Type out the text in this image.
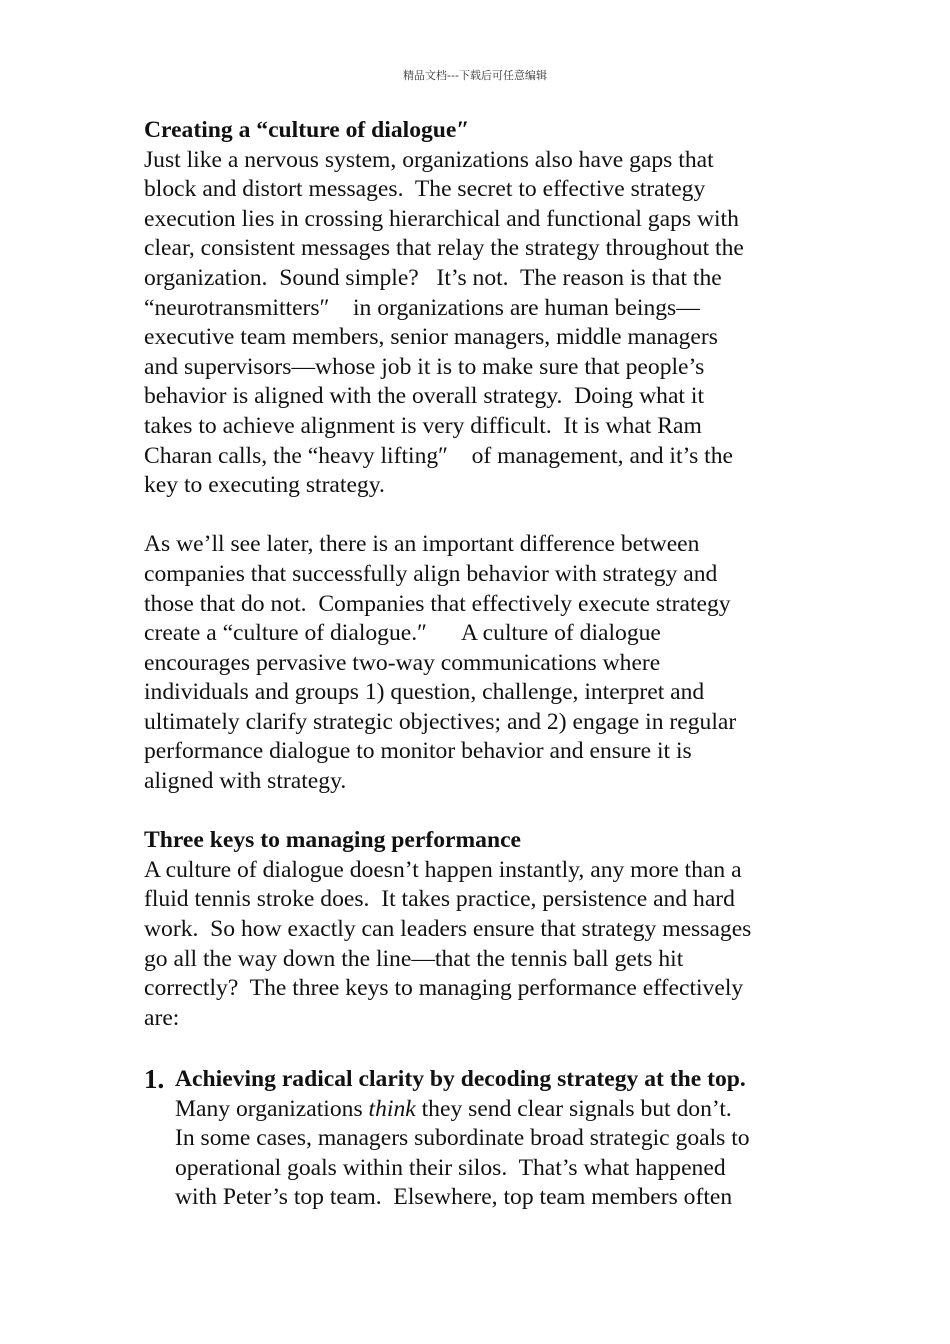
精品文档---下载后可任意编辑
Creating a “culture of dialogue″
Just like a nervous system, organizations also have gaps that
block and distort messages.  The secret to effective strategy
execution lies in crossing hierarchical and functional gaps with
clear, consistent messages that relay the strategy throughout the
organization.  Sound simple?   It’s not.  The reason is that the
“neurotransmitters″    in organizations are human beings—
executive team members, senior managers, middle managers
and supervisors—whose job it is to make sure that people’s
behavior is aligned with the overall strategy.  Doing what it
takes to achieve alignment is very difficult.  It is what Ram
Charan calls, the “heavy lifting″    of management, and it’s the
key to executing strategy.

As we’ll see later, there is an important difference between
companies that successfully align behavior with strategy and
those that do not.  Companies that effectively execute strategy
create a “culture of dialogue.″      A culture of dialogue
encourages pervasive two-way communications where
individuals and groups 1) question, challenge, interpret and
ultimately clarify strategic objectives; and 2) engage in regular
performance dialogue to monitor behavior and ensure it is
aligned with strategy.

Three keys to managing performance
A culture of dialogue doesn’t happen instantly, any more than a
fluid tennis stroke does.  It takes practice, persistence and hard
work.  So how exactly can leaders ensure that strategy messages
go all the way down the line—that the tennis ball gets hit
correctly?  The three keys to managing performance effectively
are:
1. Achieving radical clarity by decoding strategy at the top.
Many organizations think they send clear signals but don’t.
In some cases, managers subordinate broad strategic goals to
operational goals within their silos.  That’s what happened
with Peter’s top team.  Elsewhere, top team members often
